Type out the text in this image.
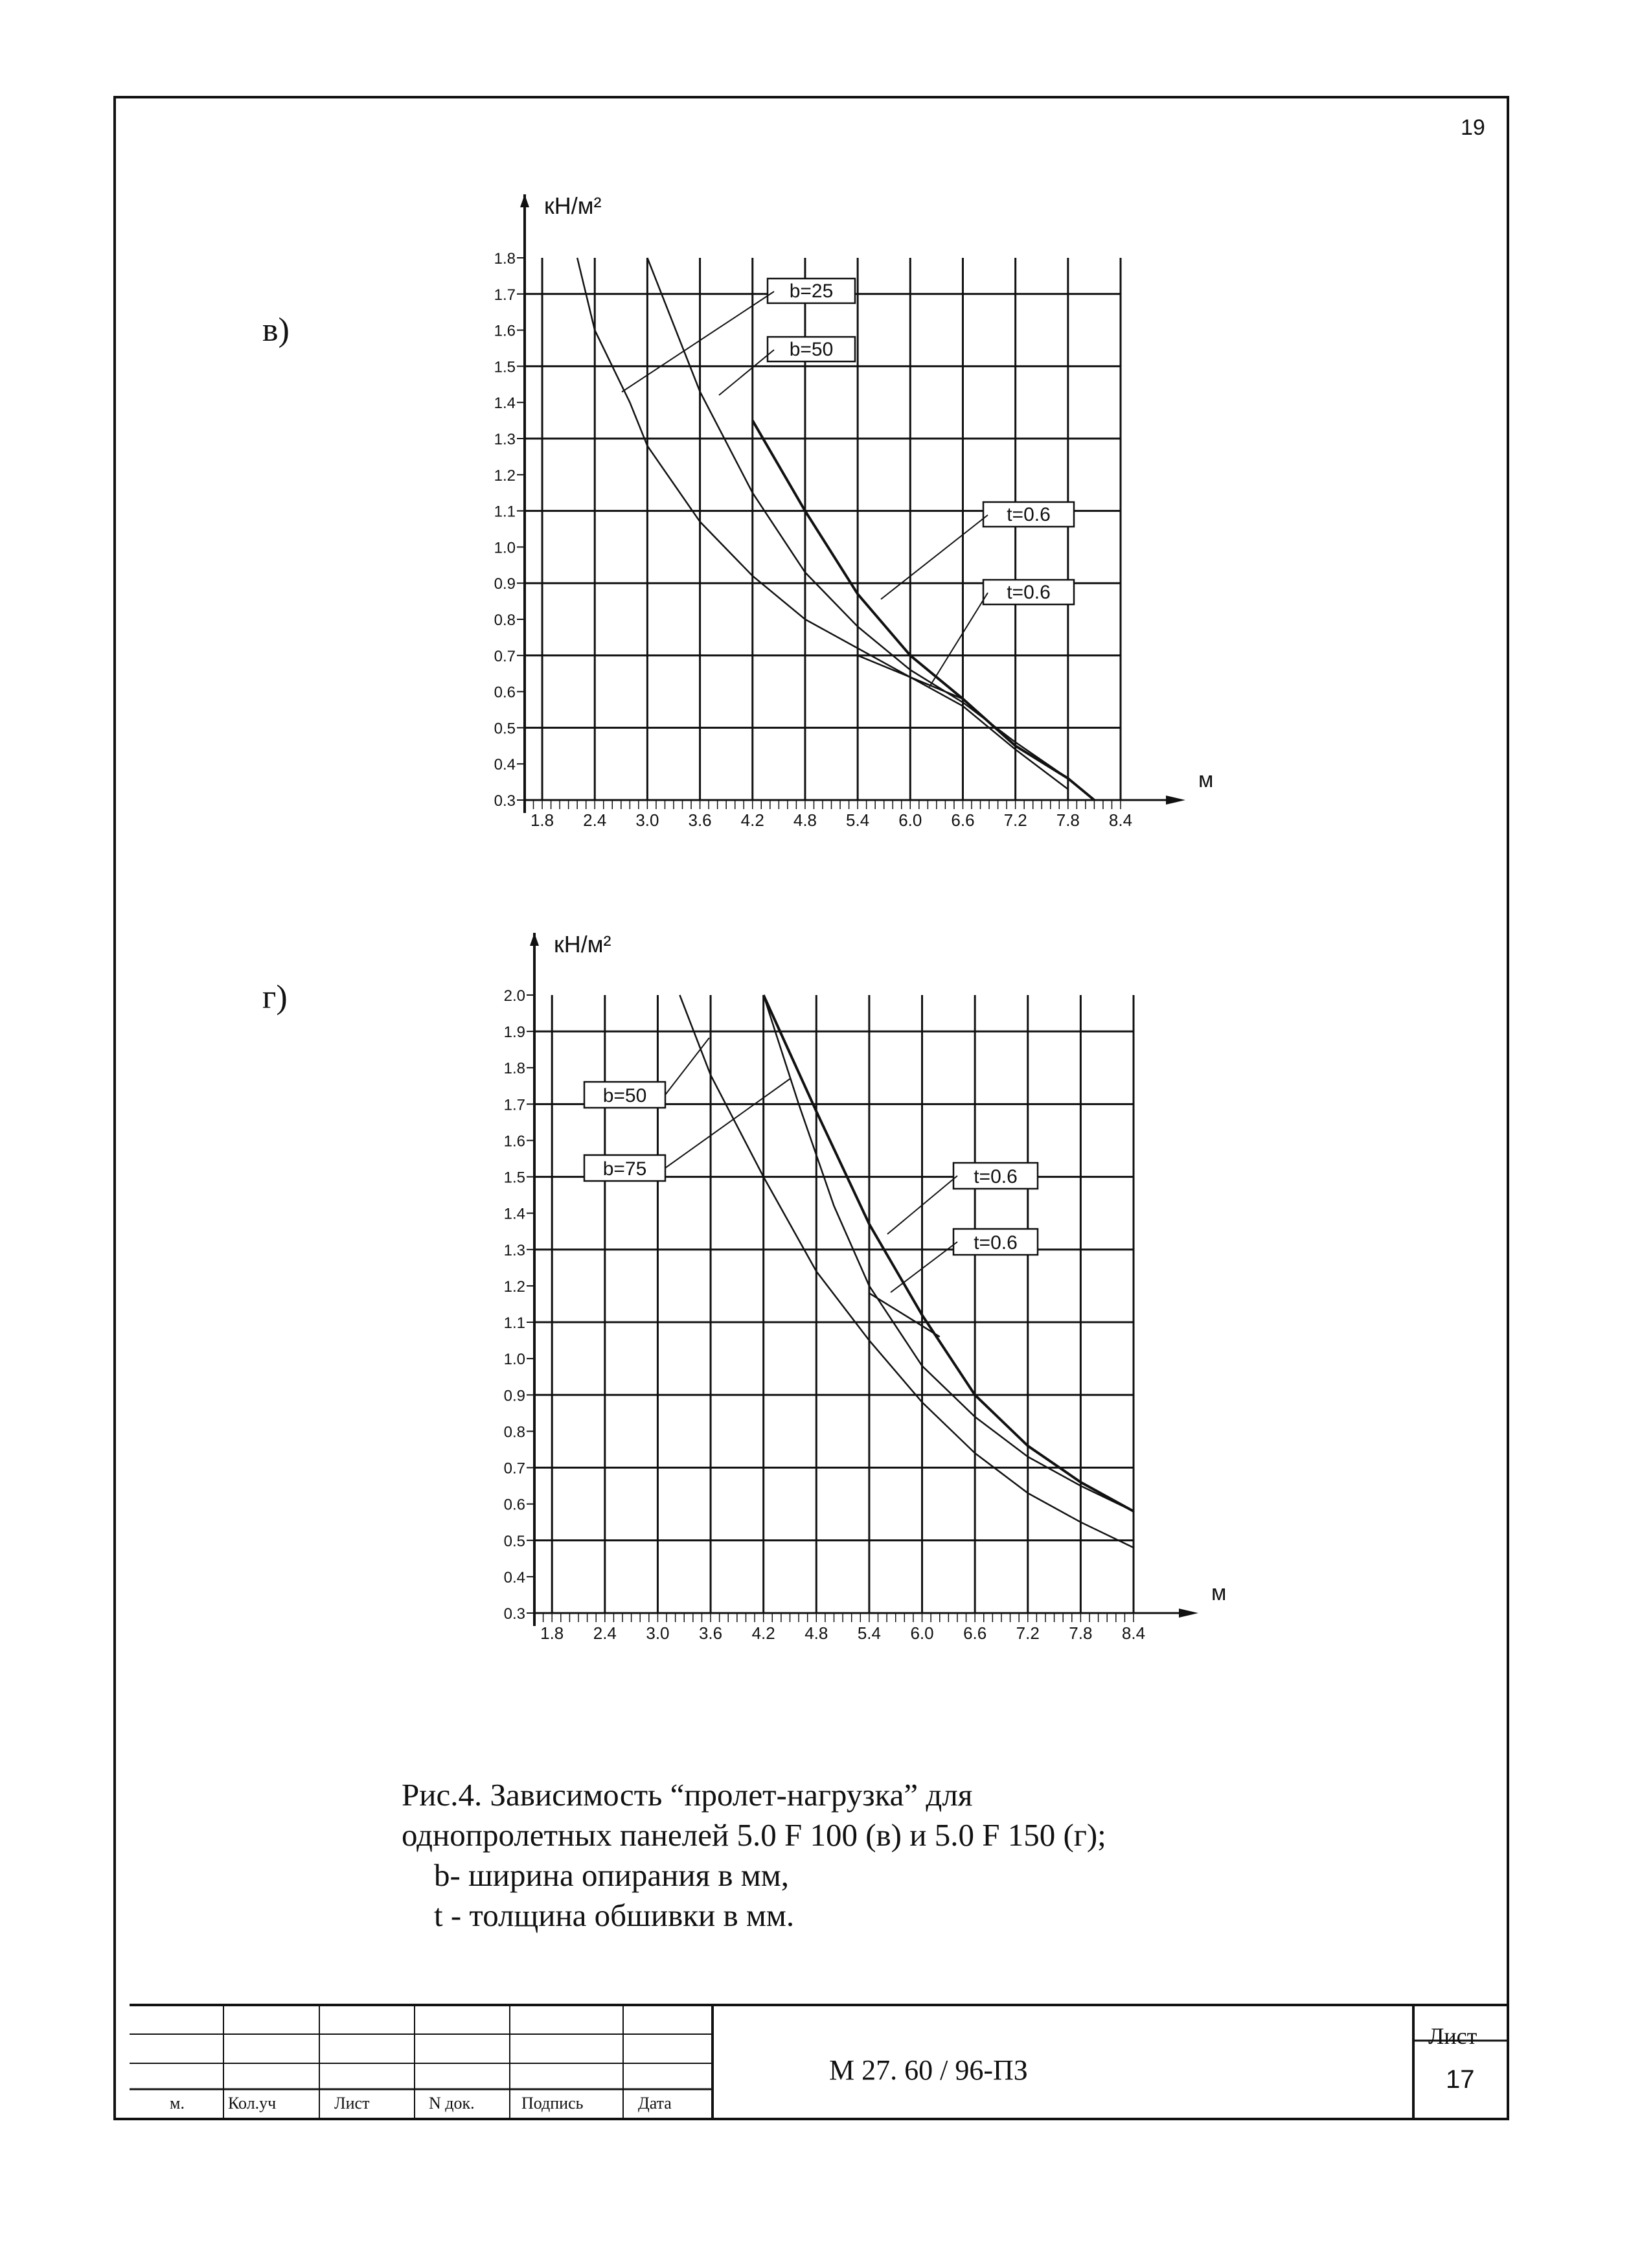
19
в)
г)
1.8 2.4 3.0 3.6 4.2 4.8 5.4 6.0 6.6 7.2 7.8 8.4
0.3
0.4
0.5
0.6
0.7
0.8
0.9
1.0
1.1
1.2
1.3
1.4
1.5
1.6
1.7
1.8
кН/м²
м
b=25
b=50
t=0.6
t=0.6
1.8 2.4 3.0 3.6 4.2 4.8 5.4 6.0 6.6 7.2 7.8 8.4
0.3
0.4
0.5
0.6
0.7
0.8
0.9
1.0
1.1
1.2
1.3
1.4
1.5
1.6
1.7
1.8
1.9
2.0
кН/м²
м
b=50
b=75	t=0.6
t=0.6
Рис.4. Зависимость “пролет-нагрузка” для
однопролетных панелей 5.0 F 100 (в) и 5.0 F 150 (г);
b- ширина опирания в мм,
t - толщина обшивки в мм.
м.	Кол.уч	Лист	N док.	Подпись	Дата
М 27. 60 / 96-ПЗ
Лист
17
